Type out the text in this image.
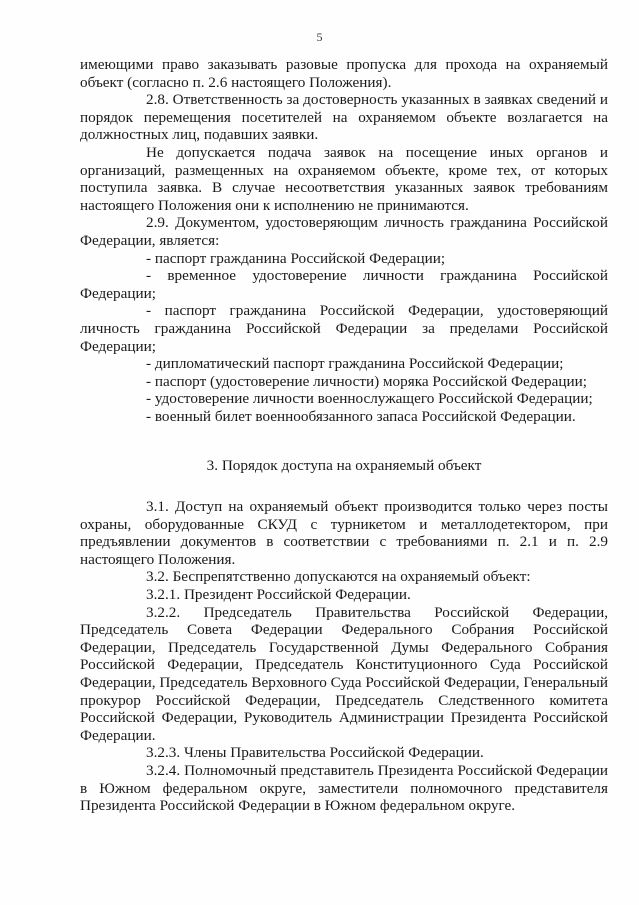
5

имеющими право заказывать разовые пропуска для прохода на охраняемый объект (согласно п. 2.6 настоящего Положения).

2.8. Ответственность за достоверность указанных в заявках сведений и порядок перемещения посетителей на охраняемом объекте возлагается на должностных лиц, подавших заявки.

Не допускается подача заявок на посещение иных органов и организаций, размещенных на охраняемом объекте, кроме тех, от которых поступила заявка. В случае несоответствия указанных заявок требованиям настоящего Положения они к исполнению не принимаются.

2.9. Документом, удостоверяющим личность гражданина Российской Федерации, является:

- паспорт гражданина Российской Федерации;

- временное удостоверение личности гражданина Российской Федерации;

- паспорт гражданина Российской Федерации, удостоверяющий личность гражданина Российской Федерации за пределами Российской Федерации;

- дипломатический паспорт гражданина Российской Федерации;

- паспорт (удостоверение личности) моряка Российской Федерации;

- удостоверение личности военнослужащего Российской Федерации;

- военный билет военнообязанного запаса Российской Федерации.

3. Порядок доступа на охраняемый объект

3.1. Доступ на охраняемый объект производится только через посты охраны, оборудованные СКУД с турникетом и металлодетектором, при предъявлении документов в соответствии с требованиями п. 2.1 и п. 2.9 настоящего Положения.

3.2. Беспрепятственно допускаются на охраняемый объект:

3.2.1. Президент Российской Федерации.

3.2.2. Председатель Правительства Российской Федерации, Председатель Совета Федерации Федерального Собрания Российской Федерации, Председатель Государственной Думы Федерального Собрания Российской Федерации, Председатель Конституционного Суда Российской Федерации, Председатель Верховного Суда Российской Федерации, Генеральный прокурор Российской Федерации, Председатель Следственного комитета Российской Федерации, Руководитель Администрации Президента Российской Федерации.

3.2.3. Члены Правительства Российской Федерации.

3.2.4. Полномочный представитель Президента Российской Федерации в Южном федеральном округе, заместители полномочного представителя Президента Российской Федерации в Южном федеральном округе.
